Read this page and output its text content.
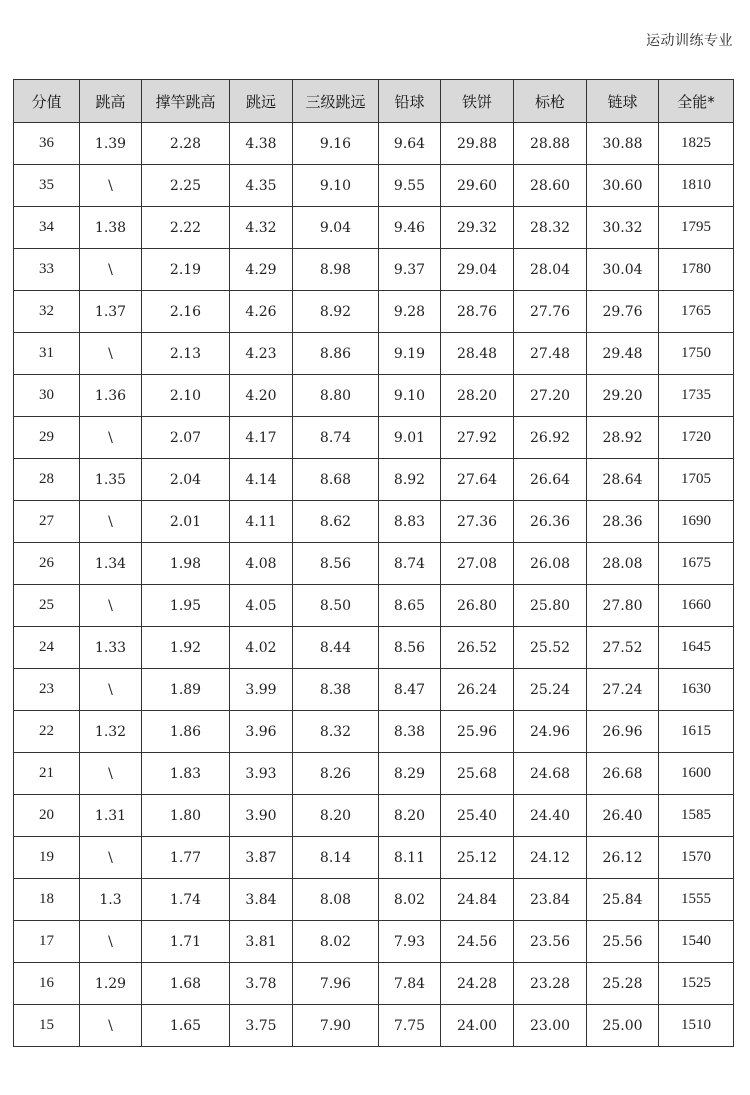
运动训练专业
分值	跳高	撑竿跳高	跳远	三级跳远	铅球	铁饼	标枪	链球	全能*
36	1.39	2.28	4.38	9.16	9.64	29.88	28.88	30.88	1825
35	\	2.25	4.35	9.10	9.55	29.60	28.60	30.60	1810
34	1.38	2.22	4.32	9.04	9.46	29.32	28.32	30.32	1795
33	\	2.19	4.29	8.98	9.37	29.04	28.04	30.04	1780
32	1.37	2.16	4.26	8.92	9.28	28.76	27.76	29.76	1765
31	\	2.13	4.23	8.86	9.19	28.48	27.48	29.48	1750
30	1.36	2.10	4.20	8.80	9.10	28.20	27.20	29.20	1735
29	\	2.07	4.17	8.74	9.01	27.92	26.92	28.92	1720
28	1.35	2.04	4.14	8.68	8.92	27.64	26.64	28.64	1705
27	\	2.01	4.11	8.62	8.83	27.36	26.36	28.36	1690
26	1.34	1.98	4.08	8.56	8.74	27.08	26.08	28.08	1675
25	\	1.95	4.05	8.50	8.65	26.80	25.80	27.80	1660
24	1.33	1.92	4.02	8.44	8.56	26.52	25.52	27.52	1645
23	\	1.89	3.99	8.38	8.47	26.24	25.24	27.24	1630
22	1.32	1.86	3.96	8.32	8.38	25.96	24.96	26.96	1615
21	\	1.83	3.93	8.26	8.29	25.68	24.68	26.68	1600
20	1.31	1.80	3.90	8.20	8.20	25.40	24.40	26.40	1585
19	\	1.77	3.87	8.14	8.11	25.12	24.12	26.12	1570
18	1.3	1.74	3.84	8.08	8.02	24.84	23.84	25.84	1555
17	\	1.71	3.81	8.02	7.93	24.56	23.56	25.56	1540
16	1.29	1.68	3.78	7.96	7.84	24.28	23.28	25.28	1525
15	\	1.65	3.75	7.90	7.75	24.00	23.00	25.00	1510
